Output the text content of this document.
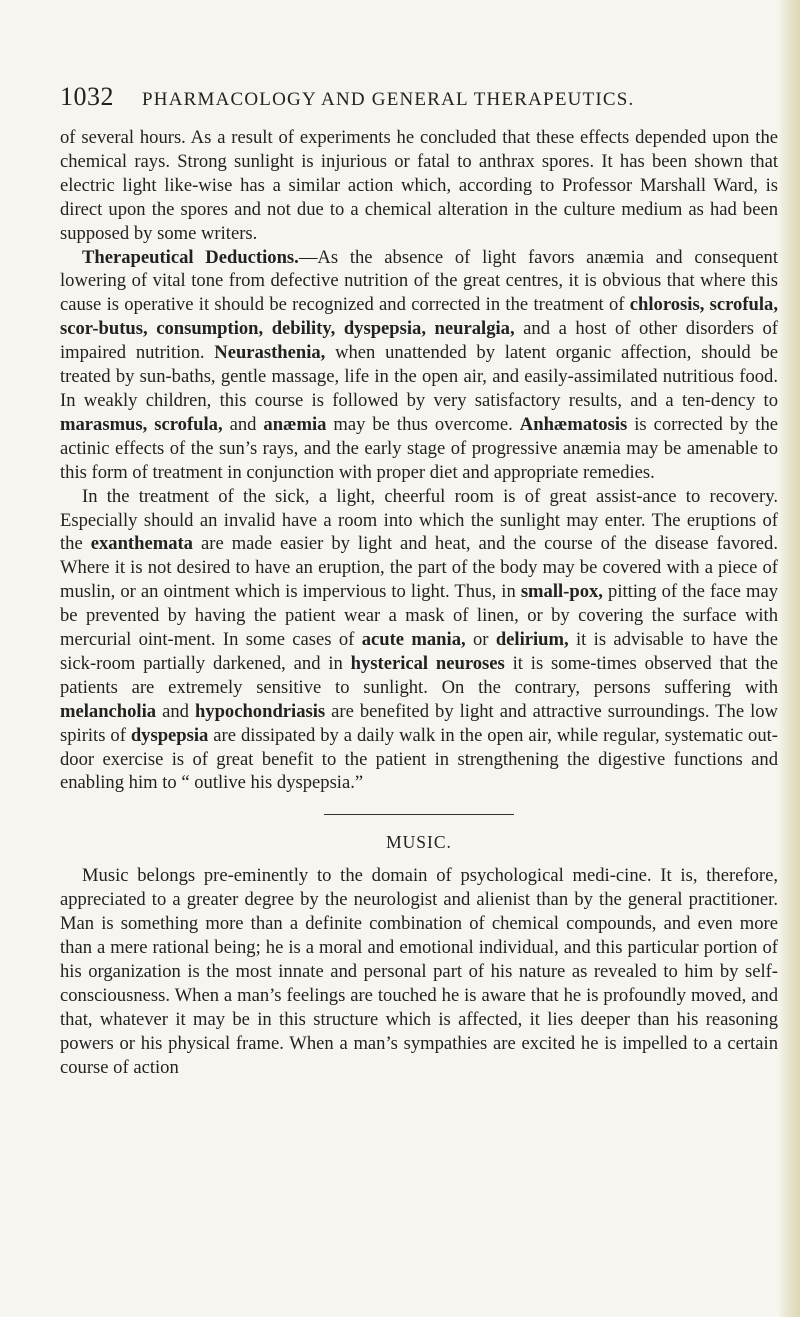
1032	PHARMACOLOGY AND GENERAL THERAPEUTICS.

of several hours. As a result of experiments he concluded that these effects depended upon the chemical rays. Strong sunlight is injurious or fatal to anthrax spores. It has been shown that electric light like-wise has a similar action which, according to Professor Marshall Ward, is direct upon the spores and not due to a chemical alteration in the culture medium as had been supposed by some writers.

Therapeutical Deductions.—As the absence of light favors anæmia and consequent lowering of vital tone from defective nutrition of the great centres, it is obvious that where this cause is operative it should be recognized and corrected in the treatment of chlorosis, scrofula, scor-butus, consumption, debility, dyspepsia, neuralgia, and a host of other disorders of impaired nutrition. Neurasthenia, when unattended by latent organic affection, should be treated by sun-baths, gentle massage, life in the open air, and easily-assimilated nutritious food. In weakly children, this course is followed by very satisfactory results, and a ten-dency to marasmus, scrofula, and anæmia may be thus overcome. Anhæmatosis is corrected by the actinic effects of the sun’s rays, and the early stage of progressive anæmia may be amenable to this form of treatment in conjunction with proper diet and appropriate remedies.

In the treatment of the sick, a light, cheerful room is of great assist-ance to recovery. Especially should an invalid have a room into which the sunlight may enter. The eruptions of the exanthemata are made easier by light and heat, and the course of the disease favored. Where it is not desired to have an eruption, the part of the body may be covered with a piece of muslin, or an ointment which is impervious to light. Thus, in small-pox, pitting of the face may be prevented by having the patient wear a mask of linen, or by covering the surface with mercurial oint-ment. In some cases of acute mania, or delirium, it is advisable to have the sick-room partially darkened, and in hysterical neuroses it is some-times observed that the patients are extremely sensitive to sunlight. On the contrary, persons suffering with melancholia and hypochondriasis are benefited by light and attractive surroundings. The low spirits of dyspepsia are dissipated by a daily walk in the open air, while regular, systematic out-door exercise is of great benefit to the patient in strengthening the digestive functions and enabling him to “ outlive his dyspepsia.”

MUSIC.

Music belongs pre-eminently to the domain of psychological medi-cine. It is, therefore, appreciated to a greater degree by the neurologist and alienist than by the general practitioner. Man is something more than a definite combination of chemical compounds, and even more than a mere rational being; he is a moral and emotional individual, and this particular portion of his organization is the most innate and personal part of his nature as revealed to him by self-consciousness. When a man’s feelings are touched he is aware that he is profoundly moved, and that, whatever it may be in this structure which is affected, it lies deeper than his reasoning powers or his physical frame. When a man’s sympathies are excited he is impelled to a certain course of action
